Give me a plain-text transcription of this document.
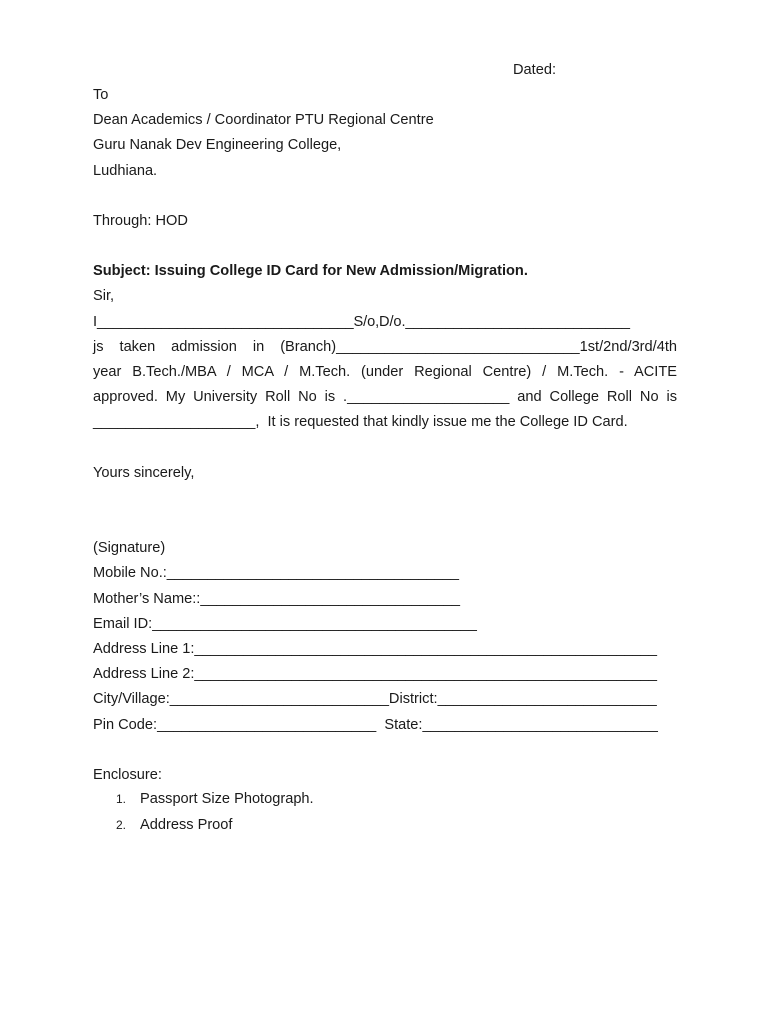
Dated:
To
Dean Academics / Coordinator PTU Regional Centre
Guru Nanak Dev Engineering College,
Ludhiana.
Through: HOD
Subject: Issuing College ID Card for New Admission/Migration.
Sir,
I________________________________S/o,D/o.____________________________
js taken admission in (Branch)______________________________1st/2nd/3rd/4th
year B.Tech./MBA / MCA / M.Tech. (under Regional Centre) / M.Tech. - ACITE
approved. My University Roll No is .____________________ and College Roll No is
____________________,  It is requested that kindly issue me the College ID Card.
Yours sincerely,
(Signature)
Mobile No.:____________________________________
Mother’s Name::________________________________
Email ID:________________________________________
Address Line 1:_________________________________________________________
Address Line 2:_________________________________________________________
City/Village:___________________________District:___________________________
Pin Code:___________________________  State:_____________________________
Enclosure:
1. Passport Size Photograph.
2. Address Proof
